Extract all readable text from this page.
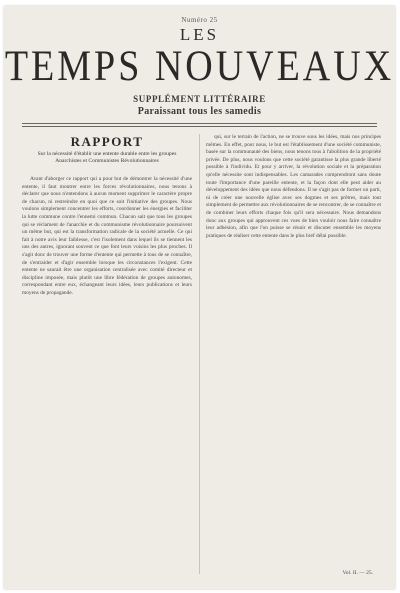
Numéro 25
LES
TEMPS NOUVEAUX
SUPPLÉMENT LITTÉRAIRE
Paraissant tous les samedis
RAPPORT
Sur la nécessité d'établir une entente durable entre les groupes Anarchistes et Communistes Révolutionnaires

Avant d'aborger ce rapport qui a pour but de démontrer la nécessité d'une entente, il faut montrer entre les forces révolutionnaires, nous tenons à déclarer que nous n'entendons à aucun moment supprimer le caractère propre de chacun, ni restreindre en quoi que ce soit l'initiative des groupes. Nous voulons simplement concentrer les efforts, coordonner les énergies et faciliter la lutte commune contre l'ennemi commun. Chacun sait que tous les groupes qui se réclament de l'anarchie et du communisme révolutionnaire poursuivent un même but, qui est la transformation radicale de la société actuelle. Ce qui fait à notre avis leur faiblesse, c'est l'isolement dans lequel ils se tiennent les uns des autres, ignorant souvent ce que font leurs voisins les plus proches. Il s'agit donc de trouver une forme d'entente qui permette à tous de se connaître, de s'entraider et d'agir ensemble lorsque les circonstances l'exigent. Cette entente ne saurait être une organisation centralisée avec comité directeur et discipline imposée, mais plutôt une libre fédération de groupes autonomes, correspondant entre eux, échangeant leurs idées, leurs publications et leurs moyens de propagande.

qui, sur le terrain de l'action, ne se trouve sous les idées, mais nos principes mêmes. En effet, pour nous, le but est l'établissement d'une société communiste, basée sur la communauté des biens, nous tenons tous à l'abolition de la propriété privée. De plus, nous voulons que cette société garantisse la plus grande liberté possible à l'individu. Et pour y arriver, la révolution sociale et la préparation qu'elle nécessite sont indispensables. Les camarades comprendront sans doute toute l'importance d'une pareille entente, et la façon dont elle peut aider au développement des idées que nous défendons. Il ne s'agit pas de former un parti, ni de créer une nouvelle église avec ses dogmes et ses prêtres, mais tout simplement de permettre aux révolutionnaires de se rencontrer, de se connaître et de combiner leurs efforts chaque fois qu'il sera nécessaire. Nous demandons donc aux groupes qui approuvent ces vues de bien vouloir nous faire connaître leur adhésion, afin que l'on puisse se réunir et discuter ensemble les moyens pratiques de réaliser cette entente dans le plus bref délai possible.

Vol. II. — 25.
